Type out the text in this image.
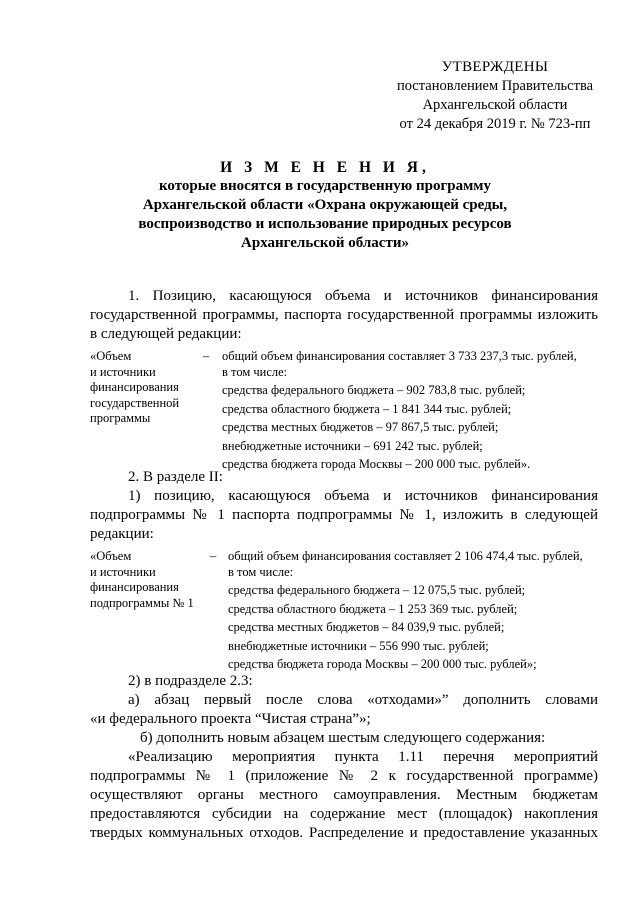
УТВЕРЖДЕНЫ
постановлением Правительства
Архангельской области
от 24 декабря 2019 г. № 723-пп
И З М Е Н Е Н И Я,
которые вносятся в государственную программу
Архангельской области «Охрана окружающей среды,
воспроизводство и использование природных ресурсов
Архангельской области»
1. Позицию, касающуюся объема и источников финансирования
государственной программы, паспорта государственной программы изложить
в следующей редакции:
«Объем
и источники
финансирования
государственной
программы
– общий объем финансирования составляет 3 733 237,3 тыс. рублей,
в том числе:
средства федерального бюджета – 902 783,8 тыс. рублей;
средства областного бюджета – 1 841 344 тыс. рублей;
средства местных бюджетов – 97 867,5 тыс. рублей;
внебюджетные источники – 691 242 тыс. рублей;
средства бюджета города Москвы – 200 000 тыс. рублей».
2. В разделе II:
1) позицию, касающуюся объема и источников финансирования
подпрограммы № 1 паспорта подпрограммы № 1, изложить в следующей
редакции:
«Объем
и источники
финансирования
подпрограммы № 1
– общий объем финансирования составляет 2 106 474,4 тыс. рублей,
в том числе:
средства федерального бюджета – 12 075,5 тыс. рублей;
средства областного бюджета – 1 253 369 тыс. рублей;
средства местных бюджетов – 84 039,9 тыс. рублей;
внебюджетные источники – 556 990 тыс. рублей;
средства бюджета города Москвы – 200 000 тыс. рублей»;
2) в подразделе 2.3:
а) абзац первый после слова «отходами»” дополнить словами
«и федерального проекта “Чистая страна”»;
б) дополнить новым абзацем шестым следующего содержания:
«Реализацию мероприятия пункта 1.11 перечня мероприятий
подпрограммы № 1 (приложение № 2 к государственной программе)
осуществляют органы местного самоуправления. Местным бюджетам
предоставляются субсидии на содержание мест (площадок) накопления
твердых коммунальных отходов. Распределение и предоставление указанных
